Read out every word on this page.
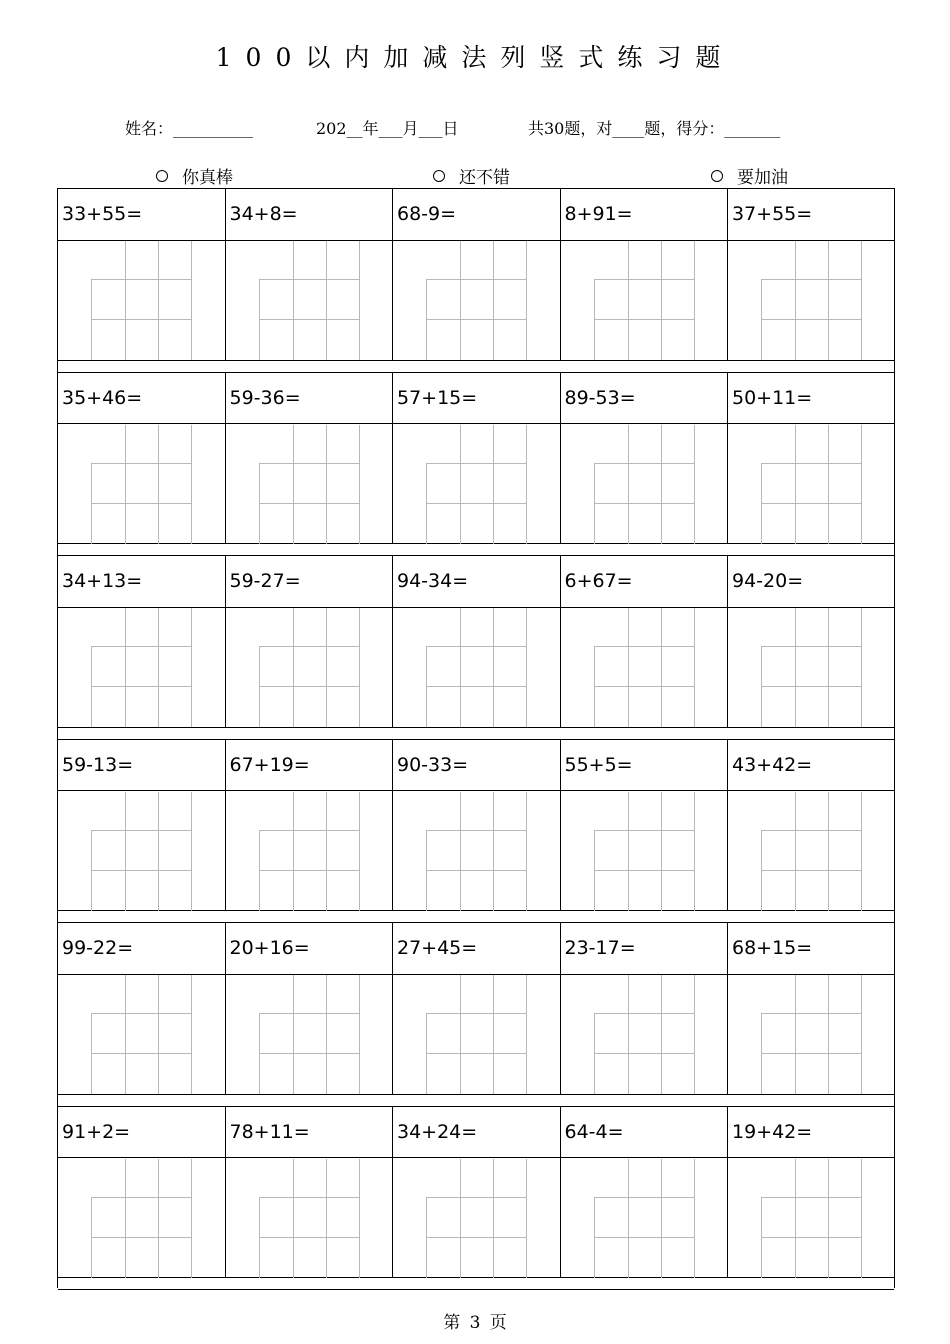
100以内加减法列竖式练习题
姓名：__________	202__年___月___日	共30题，对____题，得分：_______
你真棒	还不错	要加油
33+55=	34+8=	68-9=	8+91=	37+55=
35+46=	59-36=	57+15=	89-53=	50+11=
34+13=	59-27=	94-34=	6+67=	94-20=
59-13=	67+19=	90-33=	55+5=	43+42=
99-22=	20+16=	27+45=	23-17=	68+15=
91+2=	78+11=	34+24=	64-4=	19+42=
第 3 页
